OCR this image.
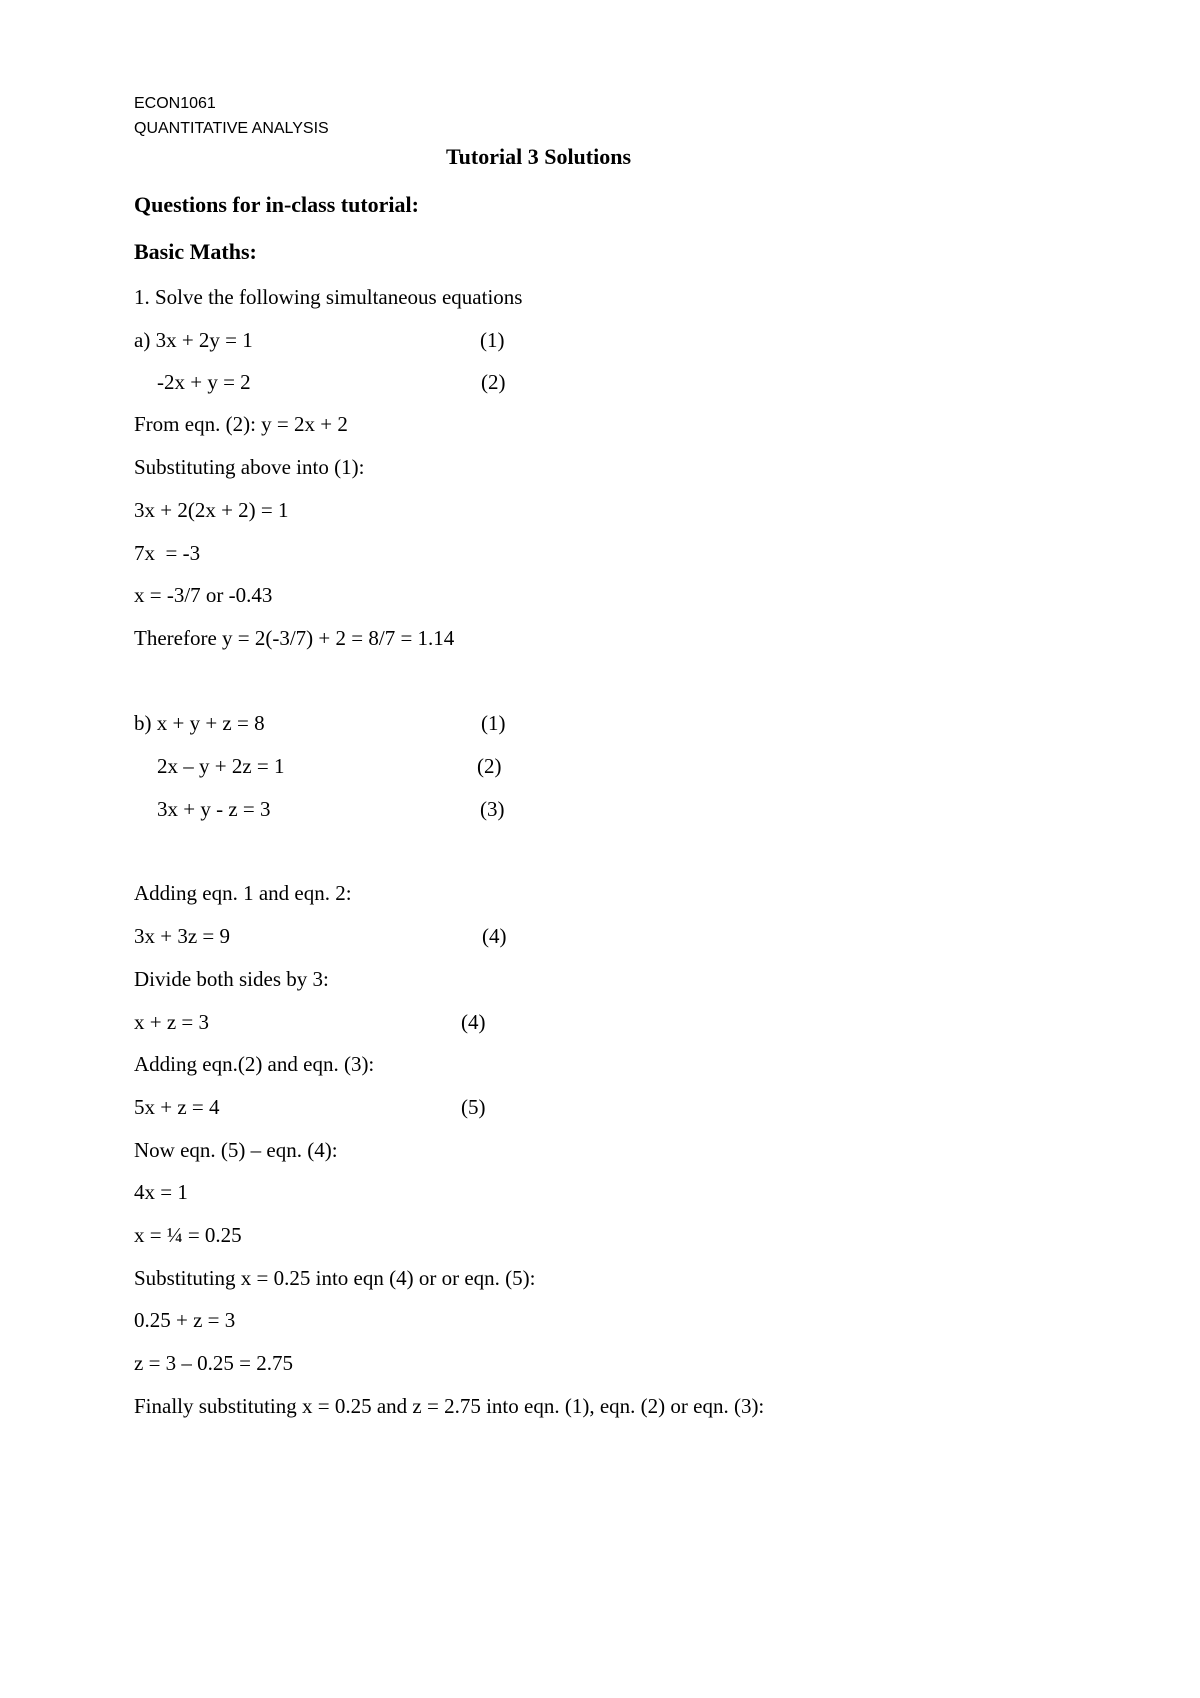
ECON1061
QUANTITATIVE ANALYSIS
Tutorial 3 Solutions
Questions for in-class tutorial:
Basic Maths:
1. Solve the following simultaneous equations
a) 3x + 2y = 1	(1)
-2x + y = 2	(2)
From eqn. (2): y = 2x + 2
Substituting above into (1):
3x + 2(2x + 2) = 1
7x  = -3
x = -3/7 or -0.43
Therefore y = 2(-3/7) + 2 = 8/7 = 1.14
b) x + y + z = 8	(1)
2x – y + 2z = 1	(2)
3x + y - z = 3	(3)
Adding eqn. 1 and eqn. 2:
3x + 3z = 9	(4)
Divide both sides by 3:
x + z = 3	(4)
Adding eqn.(2) and eqn. (3):
5x + z = 4	(5)
Now eqn. (5) – eqn. (4):
4x = 1
x = ¼ = 0.25
Substituting x = 0.25 into eqn (4) or or eqn. (5):
0.25 + z = 3
z = 3 – 0.25 = 2.75
Finally substituting x = 0.25 and z = 2.75 into eqn. (1), eqn. (2) or eqn. (3):
